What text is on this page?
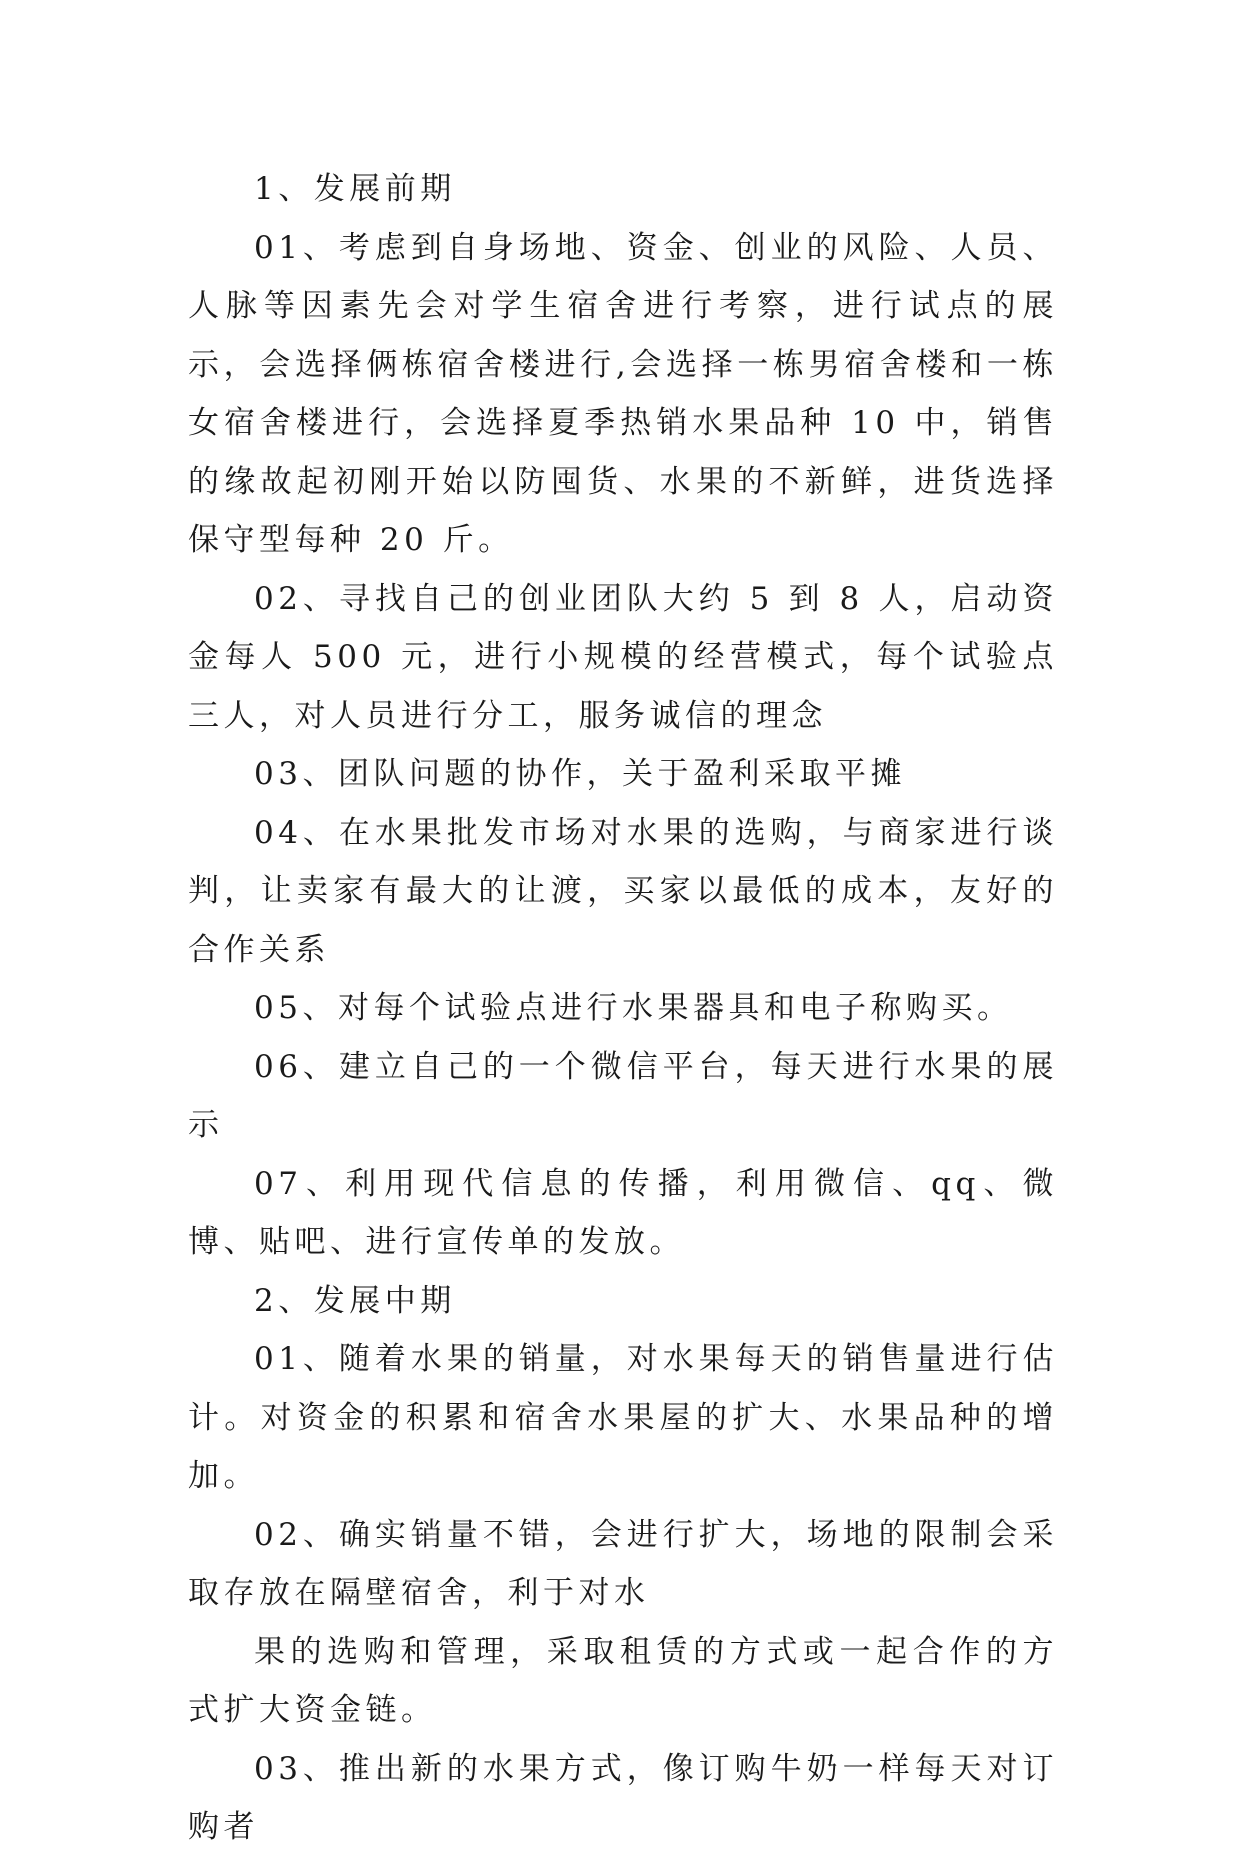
1、发展前期

01、考虑到自身场地、资金、创业的风险、人员、人脉等因素先会对学生宿舍进行考察，进行试点的展示，会选择俩栋宿舍楼进行,会选择一栋男宿舍楼和一栋女宿舍楼进行，会选择夏季热销水果品种 10 中，销售的缘故起初刚开始以防囤货、水果的不新鲜，进货选择保守型每种 20 斤。

02、寻找自己的创业团队大约 5 到 8 人，启动资金每人 500 元，进行小规模的经营模式，每个试验点三人，对人员进行分工，服务诚信的理念

03、团队问题的协作，关于盈利采取平摊

04、在水果批发市场对水果的选购，与商家进行谈判，让卖家有最大的让渡，买家以最低的成本，友好的合作关系

05、对每个试验点进行水果器具和电子称购买。

06、建立自己的一个微信平台，每天进行水果的展示

07、利用现代信息的传播，利用微信、qq、微博、贴吧、进行宣传单的发放。

2、发展中期

01、随着水果的销量，对水果每天的销售量进行估计。对资金的积累和宿舍水果屋的扩大、水果品种的增加。

02、确实销量不错，会进行扩大，场地的限制会采取存放在隔壁宿舍，利于对水

果的选购和管理，采取租赁的方式或一起合作的方式扩大资金链。

03、推出新的水果方式，像订购牛奶一样每天对订购者
